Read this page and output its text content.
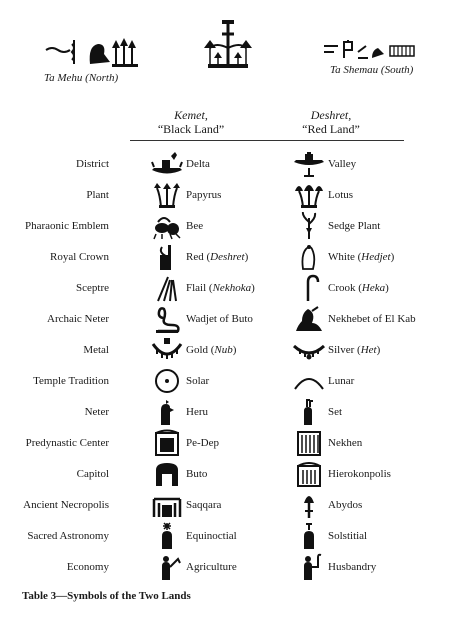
Ta Mehu (North)
Ta Shemau (South)
Kemet,
“Black Land”
Deshret,
“Red Land”
District	Delta	Valley
Plant	Papyrus	Lotus
Pharaonic Emblem	Bee	Sedge Plant
Royal Crown	Red (Deshret)	White (Hedjet)
Sceptre	Flail (Nekhoka)	Crook (Heka)
Archaic Neter	Wadjet of Buto	Nekhebet of El Kab
Metal	Gold (Nub)	Silver (Het)
Temple Tradition	Solar	Lunar
Neter	Heru	Set
Predynastic Center	Pe-Dep	Nekhen
Capitol	Buto	Hierokonpolis
Ancient Necropolis	Saqqara	Abydos
Sacred Astronomy	Equinoctial	Solstitial
Economy	Agriculture	Husbandry
Table 3—Symbols of the Two Lands
